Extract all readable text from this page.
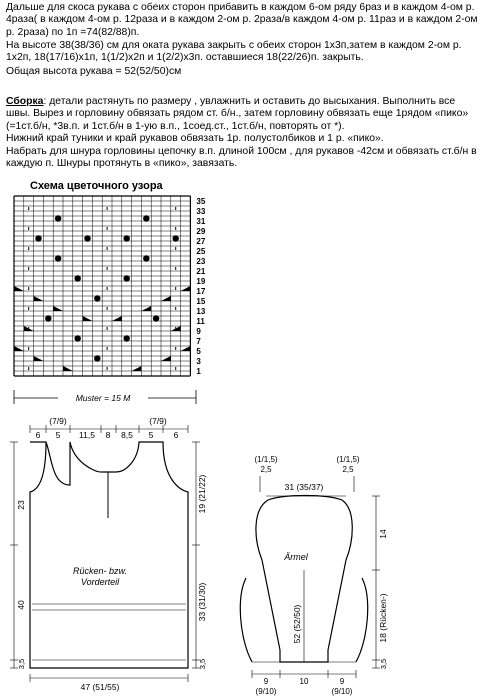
Дальше для скоса рукава с обеих сторон прибавить в каждом 6-ом ряду 6раз и в каждом 4-ом р. 4раза( в каждом 4-ом р. 12раза и в каждом 2-ом р. 2раза/в каждом 4-ом р. 11раз и в каждом 2-ом р. 2раза) по 1п =74(82/88)п.

На высоте 38(38/36) см для оката рукава закрыть с обеих сторон 1х3п,затем в каждом 2-ом р. 1х2п, 18(17/16)х1п, 1(1/2)х2п и 1(2/2)х3п. оставшиеся 18(22/26)п. закрыть.

Общая высота рукава = 52(52/50)см

Сборка: детали растянуть по размеру , увлажнить и оставить до высыхания. Выполнить все швы. Вырез и горловину обвязать рядом ст. б/н., затем горловину обвязать еще 1рядом «пико» (=1ст.б/н, *3в.п. и 1ст.б/н в 1-ую в.п., 1соед.ст., 1ст.б/н, повторять от *).

Нижний край туники и край рукавов обвязать 1р. полустолбиков и 1 р. «пико».

Набрать для шнура горловины цепочку в.п. длиной 100см , для рукавов -42см и обвязать ст.б/н в каждую п. Шнуры протянуть в «пико», завязать.

Схема цветочного узора
35
33
31
29
27
25
23
21
19
17
15
13
11
9
7
5
3
1
Muster = 15 M
(7/9)	(7/9)
6 5 11,5 8 8,5 5 6
Rücken- bzw.
Vorderteil
23
40
3,5
19 (21/22)
33 (31/30)
3,5
47 (51/55)
(1/1,5)
2,5
(1/1,5)
2,5
31 (35/37)
Ärmel
52 (52/50)
14
18 (Rücken-)
3,5
9	10	9
(9/10)	(9/10)
